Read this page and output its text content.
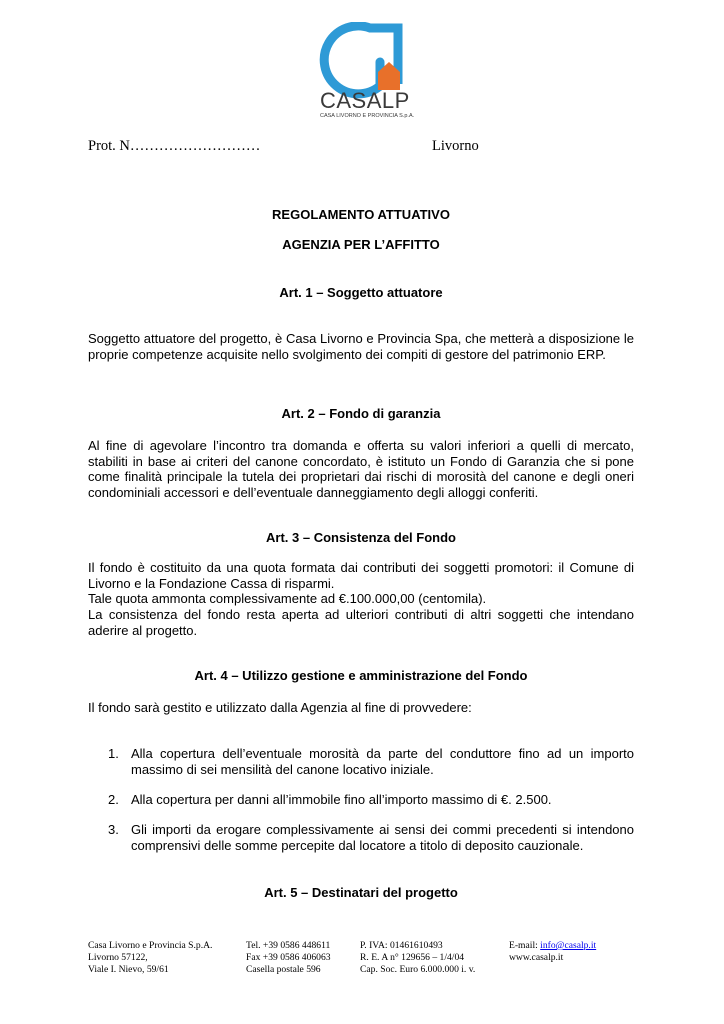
CASALP
CASA LIVORNO E PROVINCIA S.p.A.
Prot. N………………………	Livorno
REGOLAMENTO ATTUATIVO
AGENZIA PER L’AFFITTO
Art. 1 – Soggetto attuatore
Soggetto attuatore del progetto, è Casa Livorno e Provincia Spa, che metterà a disposizione le proprie competenze acquisite nello svolgimento dei compiti di gestore del patrimonio ERP.
Art. 2 – Fondo di garanzia
Al fine di agevolare l’incontro tra domanda e offerta su valori inferiori a quelli di mercato, stabiliti in base ai criteri del canone concordato, è istituto un Fondo di Garanzia che si pone come finalità principale la tutela dei proprietari dai rischi di morosità del canone e degli oneri condominiali accessori e dell’eventuale danneggiamento degli alloggi conferiti.
Art. 3 – Consistenza del Fondo

Il fondo è costituito da una quota formata dai contributi dei soggetti promotori: il Comune di Livorno e la Fondazione Cassa di risparmi.

Tale quota ammonta complessivamente ad €.100.000,00 (centomila).

La consistenza del fondo resta aperta ad ulteriori contributi di altri soggetti che intendano aderire al progetto.

Art. 4 – Utilizzo gestione e amministrazione del Fondo
Il fondo sarà gestito e utilizzato dalla Agenzia al fine di provvedere:
1. Alla copertura dell’eventuale morosità da parte del conduttore fino ad un importo massimo di sei mensilità del canone locativo iniziale.
2. Alla copertura per danni all’immobile fino all’importo massimo di €. 2.500.
3. Gli importi da erogare complessivamente ai sensi dei commi precedenti si intendono comprensivi delle somme percepite dal locatore a titolo di deposito cauzionale.
Art. 5 – Destinatari del progetto
Casa Livorno e Provincia S.p.A.
Livorno 57122,
Viale I. Nievo, 59/61
Tel. +39 0586 448611
Fax +39 0586 406063
Casella postale 596
P. IVA: 01461610493
R. E. A n° 129656 – 1/4/04
Cap. Soc. Euro 6.000.000 i. v.
E-mail: info@casalp.it
www.casalp.it
